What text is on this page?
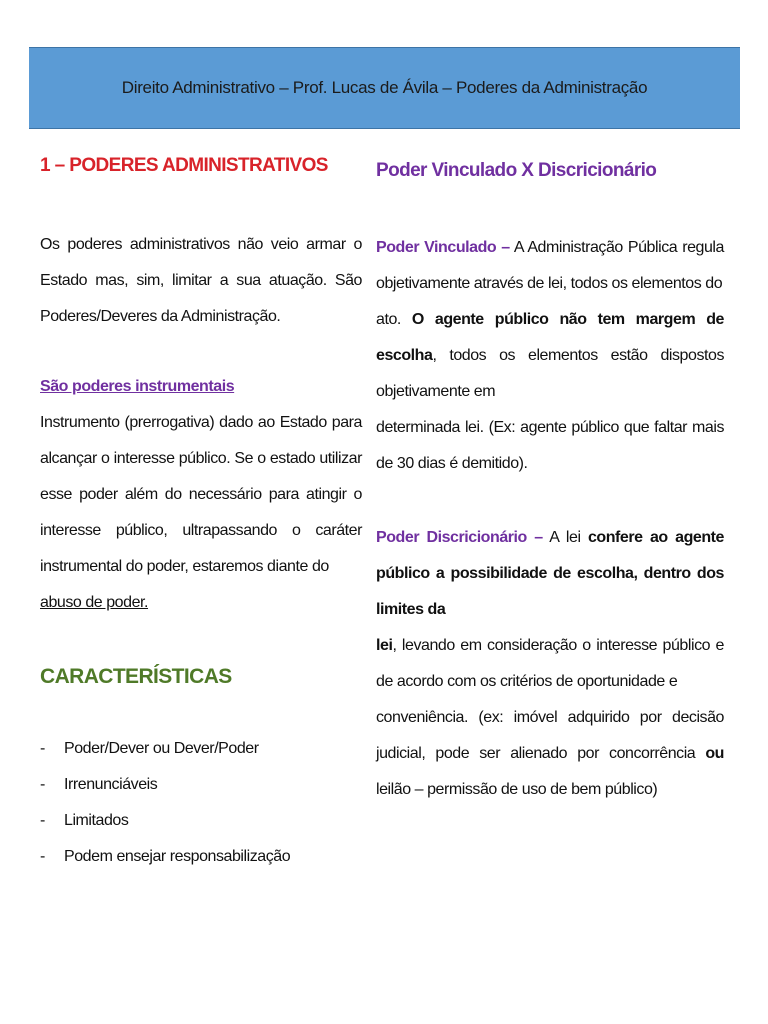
Direito Administrativo – Prof. Lucas de Ávila – Poderes da Administração
1 – PODERES ADMINISTRATIVOS

Os poderes administrativos não veio armar o Estado mas, sim, limitar a sua atuação. São Poderes/Deveres da Administração.

São poderes instrumentais

Instrumento (prerrogativa) dado ao Estado para alcançar o interesse público. Se o estado utilizar esse poder além do necessário para atingir o interesse público, ultrapassando o caráter instrumental do poder, estaremos diante do
abuso de poder.

CARACTERÍSTICAS
-	Poder/Dever ou Dever/Poder
-	Irrenunciáveis
-	Limitados
-	Podem ensejar responsabilização
Poder Vinculado X Discricionário

Poder Vinculado – A Administração Pública regula objetivamente através de lei, todos os elementos do
ato. O agente público não tem margem de escolha, todos os elementos estão dispostos objetivamente em
determinada lei. (Ex: agente público que faltar mais de 30 dias é demitido).

Poder Discricionário – A lei confere ao agente público a possibilidade de escolha, dentro dos limites da
lei, levando em consideração o interesse público e de acordo com os critérios de oportunidade e
conveniência. (ex: imóvel adquirido por decisão judicial, pode ser alienado por concorrência ou leilão – permissão de uso de bem público)
